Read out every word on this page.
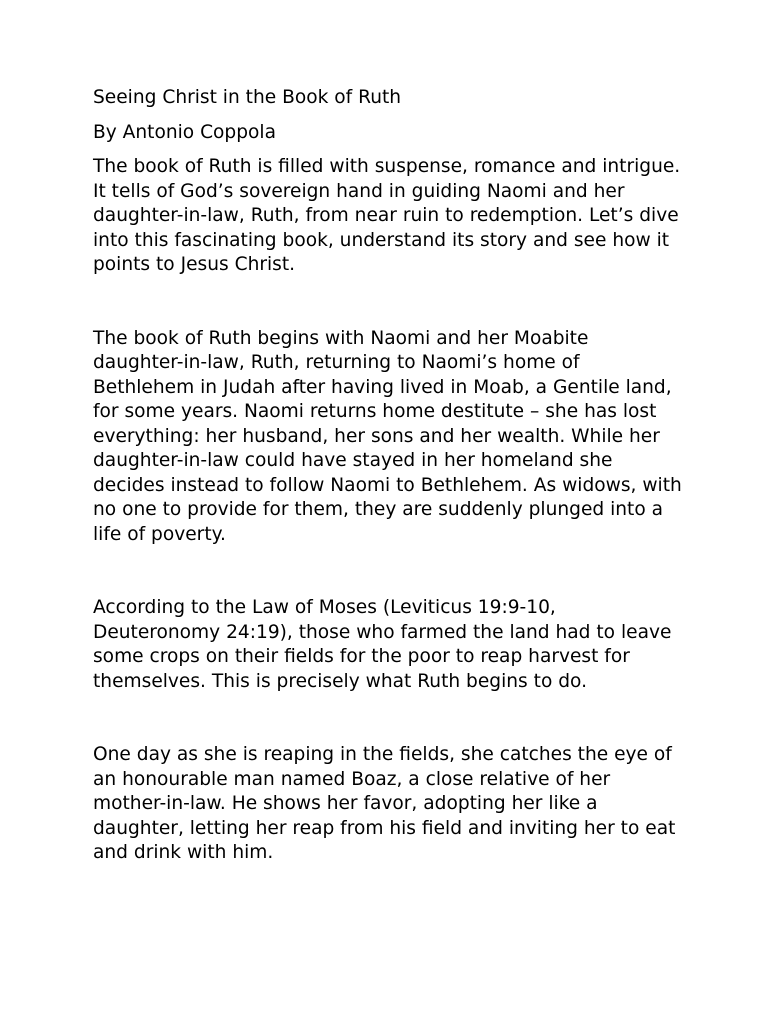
Seeing Christ in the Book of Ruth

By Antonio Coppola

The book of Ruth is filled with suspense, romance and intrigue. It tells of God’s sovereign hand in guiding Naomi and her daughter-in-law, Ruth, from near ruin to redemption. Let’s dive into this fascinating book, understand its story and see how it points to Jesus Christ.

The book of Ruth begins with Naomi and her Moabite daughter-in-law, Ruth, returning to Naomi’s home of Bethlehem in Judah after having lived in Moab, a Gentile land, for some years. Naomi returns home destitute – she has lost everything: her husband, her sons and her wealth. While her daughter-in-law could have stayed in her homeland she decides instead to follow Naomi to Bethlehem. As widows, with no one to provide for them, they are suddenly plunged into a life of poverty.

According to the Law of Moses (Leviticus 19:9-10, Deuteronomy 24:19), those who farmed the land had to leave some crops on their fields for the poor to reap harvest for themselves. This is precisely what Ruth begins to do.

One day as she is reaping in the fields, she catches the eye of an honourable man named Boaz, a close relative of her mother-in-law. He shows her favor, adopting her like a daughter, letting her reap from his field and inviting her to eat and drink with him.
